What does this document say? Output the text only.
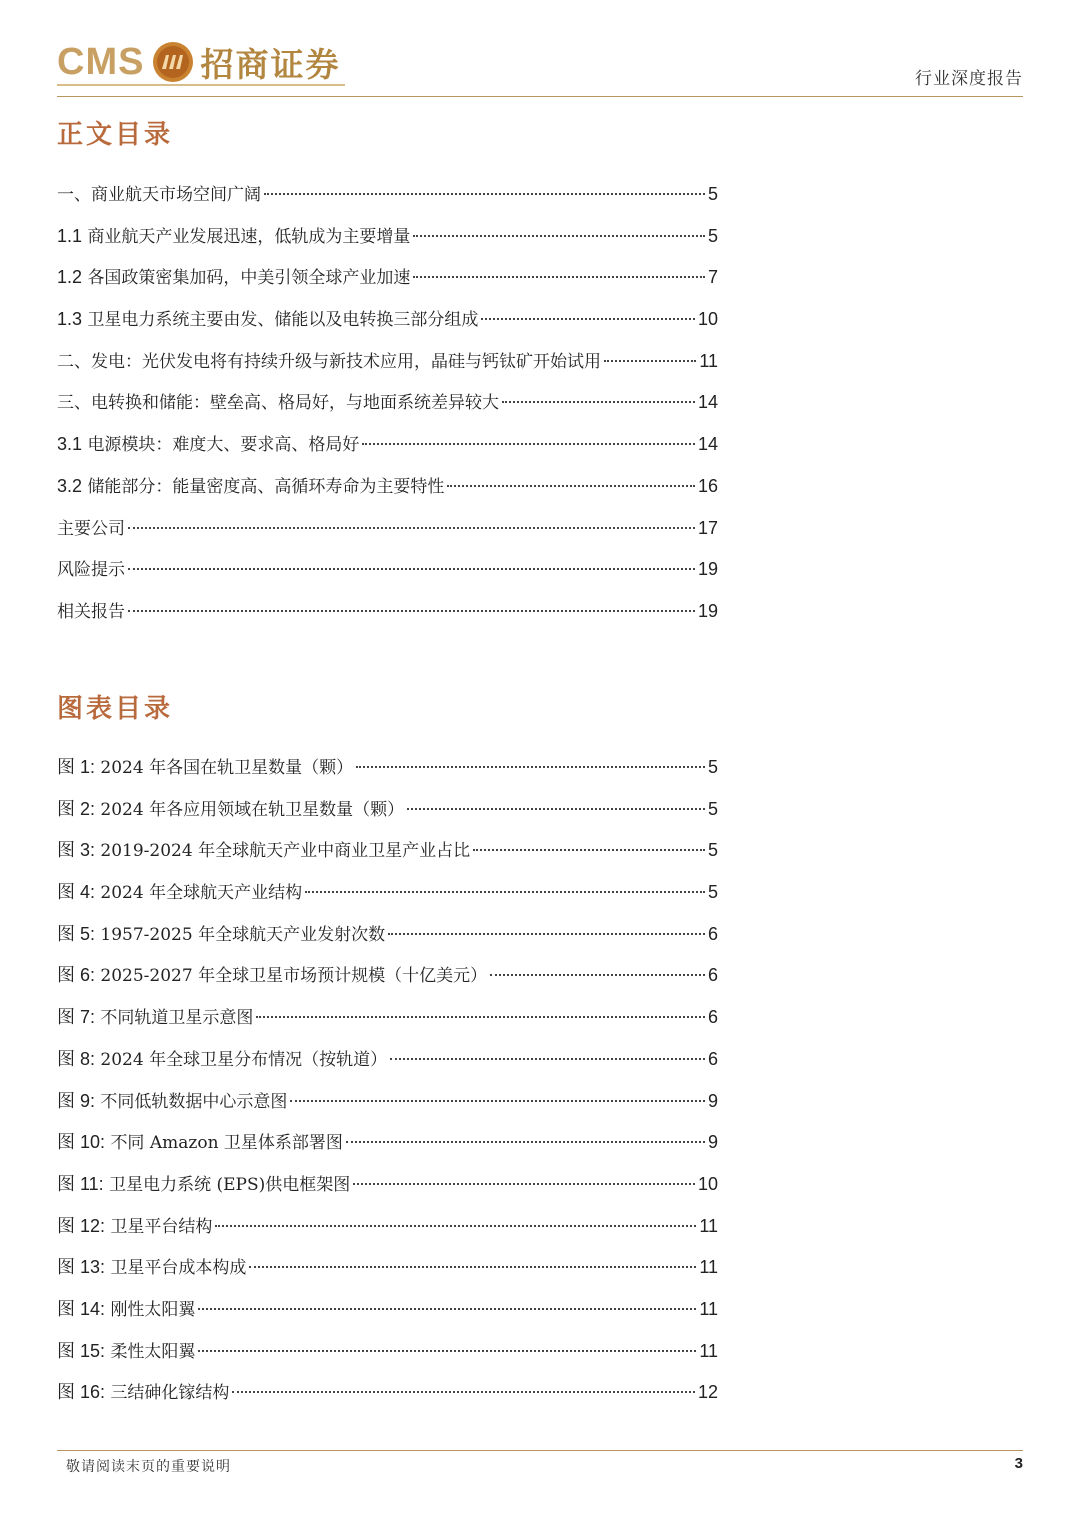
CMS 招商证券	行业深度报告
正文目录
一、商业航天市场空间广阔	5
1.1 商业航天产业发展迅速，低轨成为主要增量	5
1.2 各国政策密集加码，中美引领全球产业加速	7
1.3 卫星电力系统主要由发、储能以及电转换三部分组成	10
二、发电：光伏发电将有持续升级与新技术应用，晶硅与钙钛矿开始试用	11
三、电转换和储能：壁垒高、格局好，与地面系统差异较大	14
3.1 电源模块：难度大、要求高、格局好	14
3.2 储能部分：能量密度高、高循环寿命为主要特性	16
主要公司	17
风险提示	19
相关报告	19
图表目录
图 1: 2024 年各国在轨卫星数量（颗）	5
图 2: 2024 年各应用领域在轨卫星数量（颗）	5
图 3: 2019-2024 年全球航天产业中商业卫星产业占比	5
图 4: 2024 年全球航天产业结构	5
图 5: 1957-2025 年全球航天产业发射次数	6
图 6: 2025-2027 年全球卫星市场预计规模（十亿美元）	6
图 7: 不同轨道卫星示意图	6
图 8: 2024 年全球卫星分布情况（按轨道）	6
图 9: 不同低轨数据中心示意图	9
图 10: 不同 Amazon 卫星体系部署图	9
图 11: 卫星电力系统 (EPS)供电框架图	10
图 12: 卫星平台结构	11
图 13: 卫星平台成本构成	11
图 14: 刚性太阳翼	11
图 15: 柔性太阳翼	11
图 16: 三结砷化镓结构	12
敬请阅读末页的重要说明	3
